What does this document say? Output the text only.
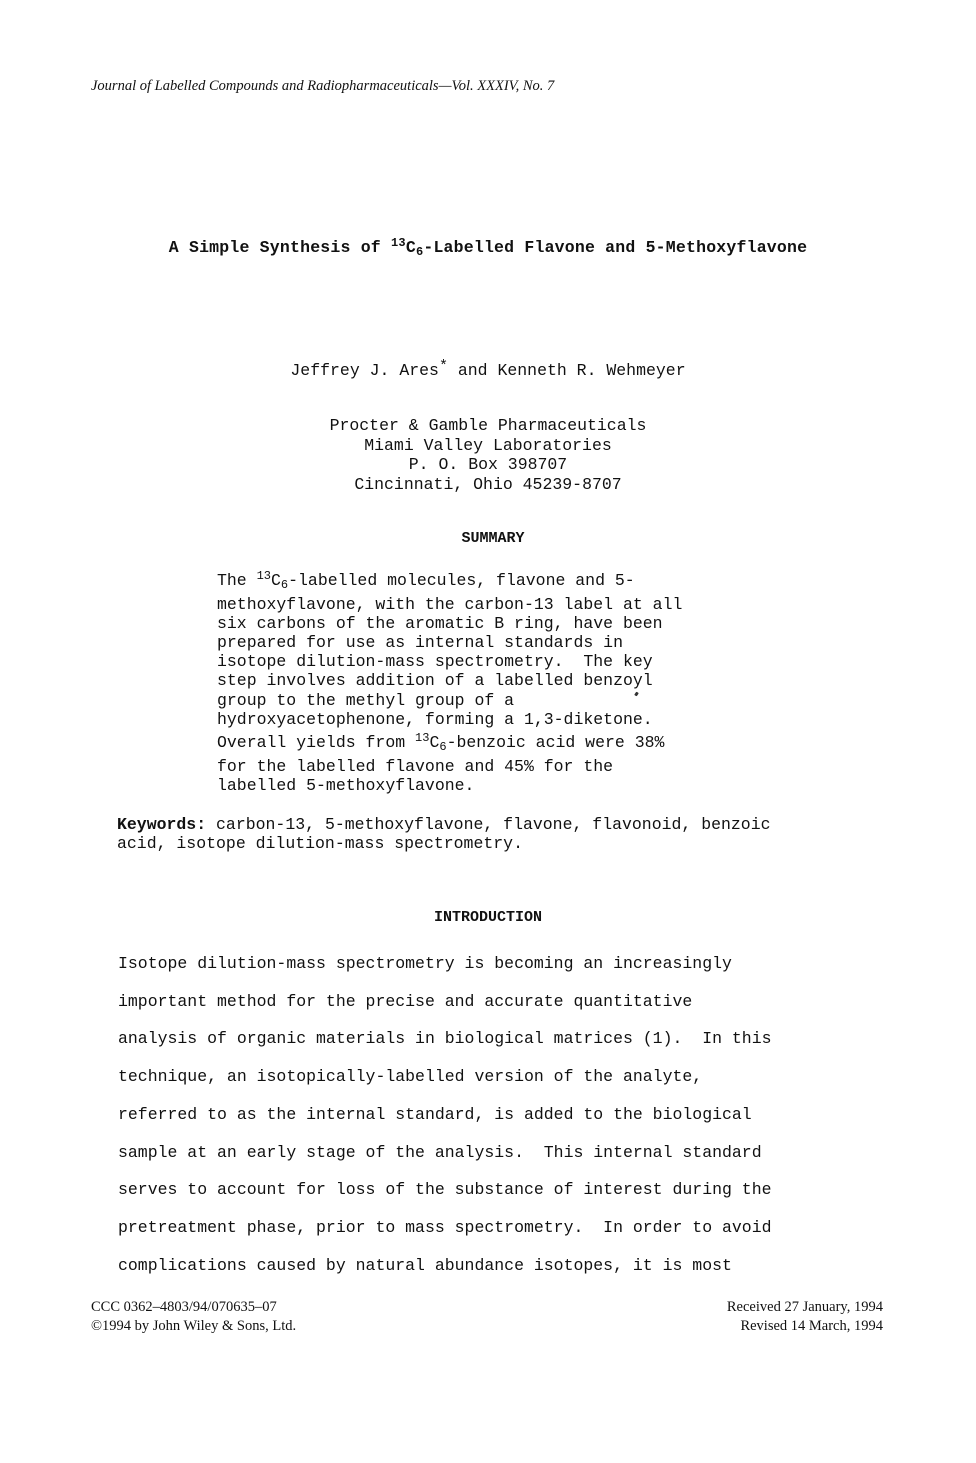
Journal of Labelled Compounds and Radiopharmaceuticals—Vol. XXXIV, No. 7
A Simple Synthesis of $^{13}C_6$-Labelled Flavone and 5-Methoxyflavone
Jeffrey J. Ares* and Kenneth R. Wehmeyer
Procter & Gamble Pharmaceuticals
Miami Valley Laboratories
P. O. Box 398707
Cincinnati, Ohio 45239-8707
SUMMARY
The $^{13}C_6$-labelled molecules, flavone and 5-
methoxyflavone, with the carbon-13 label at all
six carbons of the aromatic B ring, have been
prepared for use as internal standards in
isotope dilution-mass spectrometry.  The key
step involves addition of a labelled benzoyl
group to the methyl group of a
hydroxyacetophenone, forming a 1,3-diketone.
Overall yields from $^{13}C_6$-benzoic acid were 38%
for the labelled flavone and 45% for the
labelled 5-methoxyflavone.
Keywords: carbon-13, 5-methoxyflavone, flavone, flavonoid, benzoic
acid, isotope dilution-mass spectrometry.
INTRODUCTION
Isotope dilution-mass spectrometry is becoming an increasingly
important method for the precise and accurate quantitative
analysis of organic materials in biological matrices (1).  In this
technique, an isotopically-labelled version of the analyte,
referred to as the internal standard, is added to the biological
sample at an early stage of the analysis.  This internal standard
serves to account for loss of the substance of interest during the
pretreatment phase, prior to mass spectrometry.  In order to avoid
complications caused by natural abundance isotopes, it is most
CCC 0362–4803/94/070635–07
©1994 by John Wiley & Sons, Ltd.
Received 27 January, 1994
Revised 14 March, 1994
